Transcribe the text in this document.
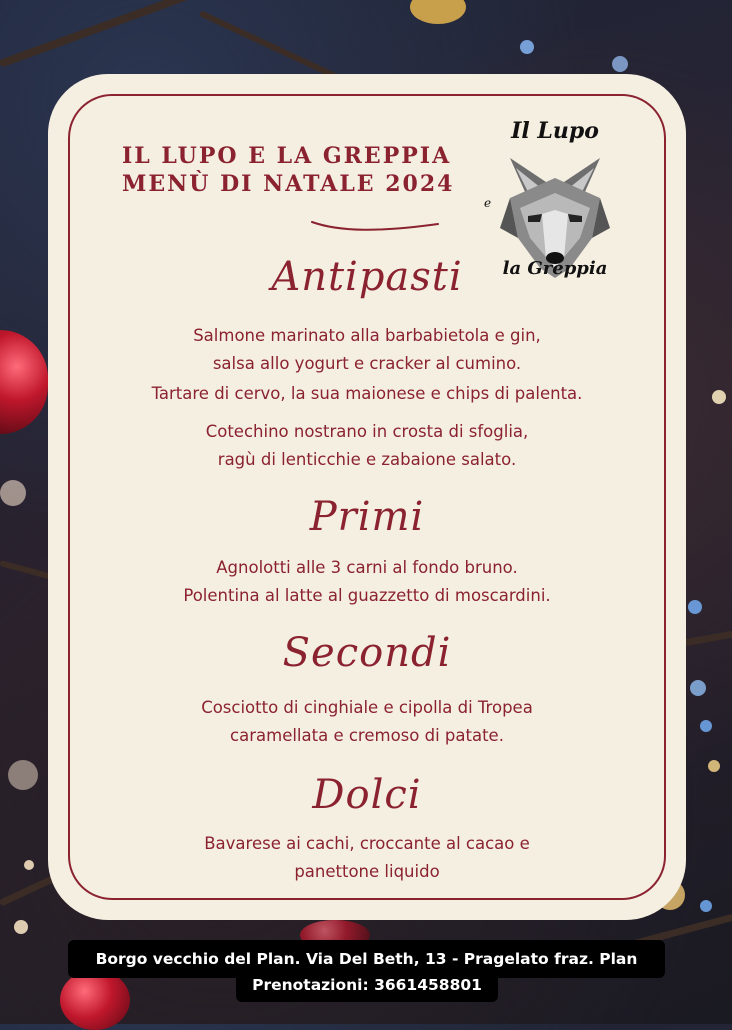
IL LUPO E LA GREPPIA
MENÙ DI NATALE 2024
Il Lupo
e
la Greppia
Antipasti
Salmone marinato alla barbabietola e gin,
salsa allo yogurt e cracker al cumino.
Tartare di cervo, la sua maionese e chips di palenta.
Cotechino nostrano in crosta di sfoglia,
ragù di lenticchie e zabaione salato.
Primi
Agnolotti alle 3 carni al fondo bruno.
Polentina al latte al guazzetto di moscardini.
Secondi
Cosciotto di cinghiale e cipolla di Tropea
caramellata e cremoso di patate.
Dolci
Bavarese ai cachi, croccante al cacao e
panettone liquido
Borgo vecchio del Plan. Via Del Beth, 13 - Pragelato fraz. Plan
Prenotazioni: 3661458801
